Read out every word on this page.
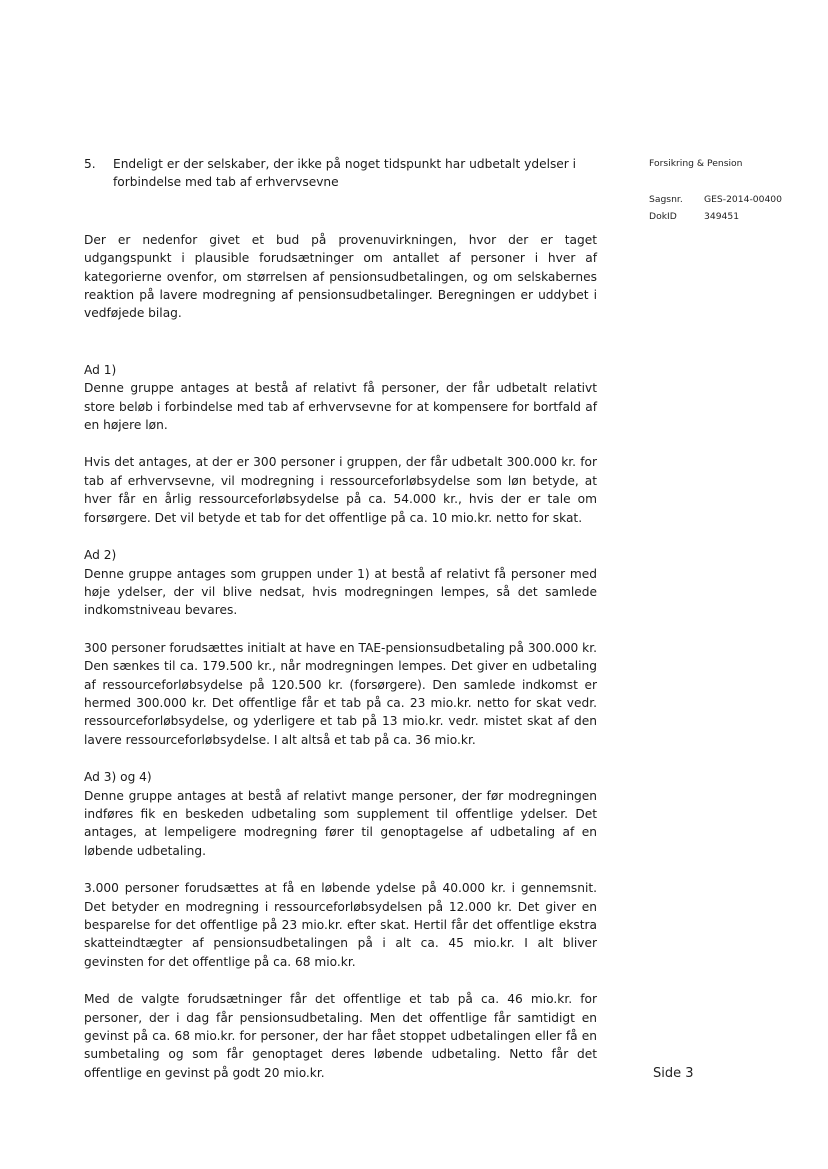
5.	Endeligt er der selskaber, der ikke på noget tidspunkt har udbetalt ydelser i forbindelse med tab af erhvervsevne

Der er nedenfor givet et bud på provenuvirkningen, hvor der er taget udgangspunkt i plausible forudsætninger om antallet af personer i hver af kategorierne ovenfor, om størrelsen af pensionsudbetalingen, og om selskabernes reaktion på lavere modregning af pensionsudbetalinger. Beregningen er uddybet i vedføjede bilag.

Ad 1)

Denne gruppe antages at bestå af relativt få personer, der får udbetalt relativt store beløb i forbindelse med tab af erhvervsevne for at kompensere for bortfald af en højere løn.

Hvis det antages, at der er 300 personer i gruppen, der får udbetalt 300.000 kr. for tab af erhvervsevne, vil modregning i ressourceforløbsydelse som løn betyde, at hver får en årlig ressourceforløbsydelse på ca. 54.000 kr., hvis der er tale om forsørgere. Det vil betyde et tab for det offentlige på ca. 10 mio.kr. netto for skat.

Ad 2)

Denne gruppe antages som gruppen under 1) at bestå af relativt få personer med høje ydelser, der vil blive nedsat, hvis modregningen lempes, så det samlede indkomstniveau bevares.

300 personer forudsættes initialt at have en TAE-pensionsudbetaling på 300.000 kr. Den sænkes til ca. 179.500 kr., når modregningen lempes. Det giver en udbetaling af ressourceforløbsydelse på 120.500 kr. (forsørgere). Den samlede indkomst er hermed 300.000 kr. Det offentlige får et tab på ca. 23 mio.kr. netto for skat vedr. ressourceforløbsydelse, og yderligere et tab på 13 mio.kr. vedr. mistet skat af den lavere ressourceforløbsydelse. I alt altså et tab på ca. 36 mio.kr.

Ad 3) og 4)

Denne gruppe antages at bestå af relativt mange personer, der før modregningen indføres fik en beskeden udbetaling som supplement til offentlige ydelser. Det antages, at lempeligere modregning fører til genoptagelse af udbetaling af en løbende udbetaling.

3.000 personer forudsættes at få en løbende ydelse på 40.000 kr. i gennemsnit. Det betyder en modregning i ressourceforløbsydelsen på 12.000 kr. Det giver en besparelse for det offentlige på 23 mio.kr. efter skat. Hertil får det offentlige ekstra skatteindtægter af pensionsudbetalingen på i alt ca. 45 mio.kr. I alt bliver gevinsten for det offentlige på ca. 68 mio.kr.

Med de valgte forudsætninger får det offentlige et tab på ca. 46 mio.kr. for personer, der i dag får pensionsudbetaling. Men det offentlige får samtidigt en gevinst på ca. 68 mio.kr. for personer, der har fået stoppet udbetalingen eller få en sumbetaling og som får genoptaget deres løbende udbetaling. Netto får det offentlige en gevinst på godt 20 mio.kr.

Forsikring & Pension
Sagsnr.	GES-2014-00400
DokID	349451
Side 3
